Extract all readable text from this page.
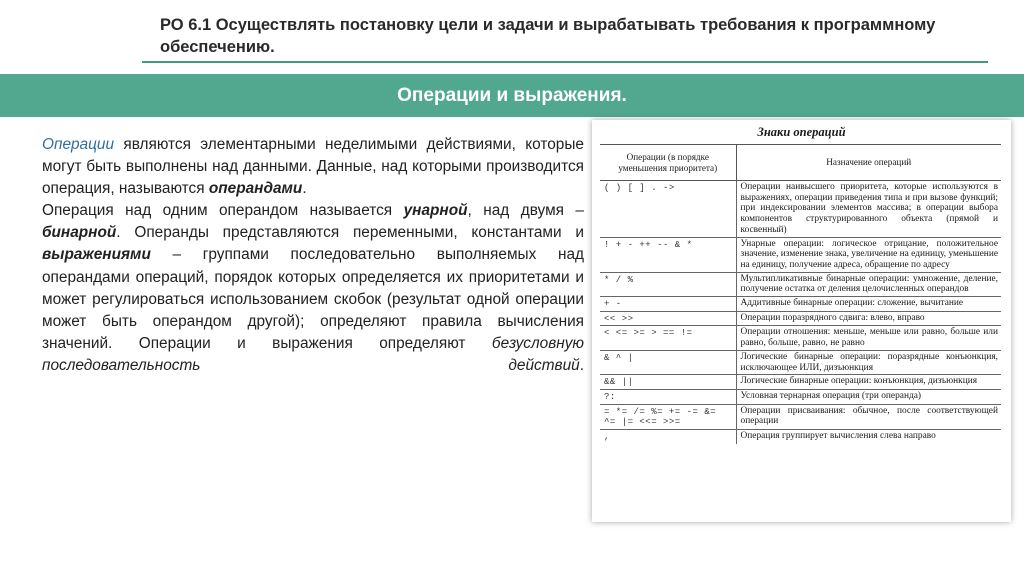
РО 6.1 Осуществлять постановку цели и задачи и вырабатывать требования к программному обеспечению.
Операции и выражения.

Операции являются элементарными неделимыми действиями, которые могут быть выполнены над данными. Данные, над которыми производится операция, называются операндами.

Операция над одним операндом называется унарной, над двумя –бинарной. Операнды представляются переменными, константами и выражениями – группами последовательно выполняемых над операндами операций, порядок которых определяется их приоритетами и может регулироваться использованием скобок (результат одной операции может быть операндом другой); определяют правила вычисления значений. Операции и выражения определяют безусловную последовательность действий.

Знаки операций
Операции (в порядке уменьшения приоритета)	Назначение операций
( ) [ ] . ->	Операции наивысшего приоритета, которые используются в выражениях, операции приведения типа и при вызове функций; при индексировании элементов массива; в операции выбора компонентов структурированного объекта (прямой и косвенный)
! + - ++ -- & *	Унарные операции: логическое отрицание, положительное значение, изменение знака, увеличение на единицу, уменьшение на единицу, получение адреса, обращение по адресу
* / %	Мультипликативные бинарные операции: умножение, деление, получение остатка от деления целочисленных операндов
+ -	Аддитивные бинарные операции: сложение, вычитание
<< >>	Операции поразрядного сдвига: влево, вправо
< <= >= > == !=	Операции отношения: меньше, меньше или равно, больше или равно, больше, равно, не равно
& ^ |	Логические бинарные операции: поразрядные конъюнкция, исключающее ИЛИ, дизъюнкция
&& ||	Логические бинарные операции: конъюнкция, дизъюнкция
?:	Условная тернарная операция (три операнда)
= *= /= %= += -= &= ^= |= <<= >>=	Операции присваивания: обычное, после соответствующей операции
,	Операция группирует вычисления слева направо
